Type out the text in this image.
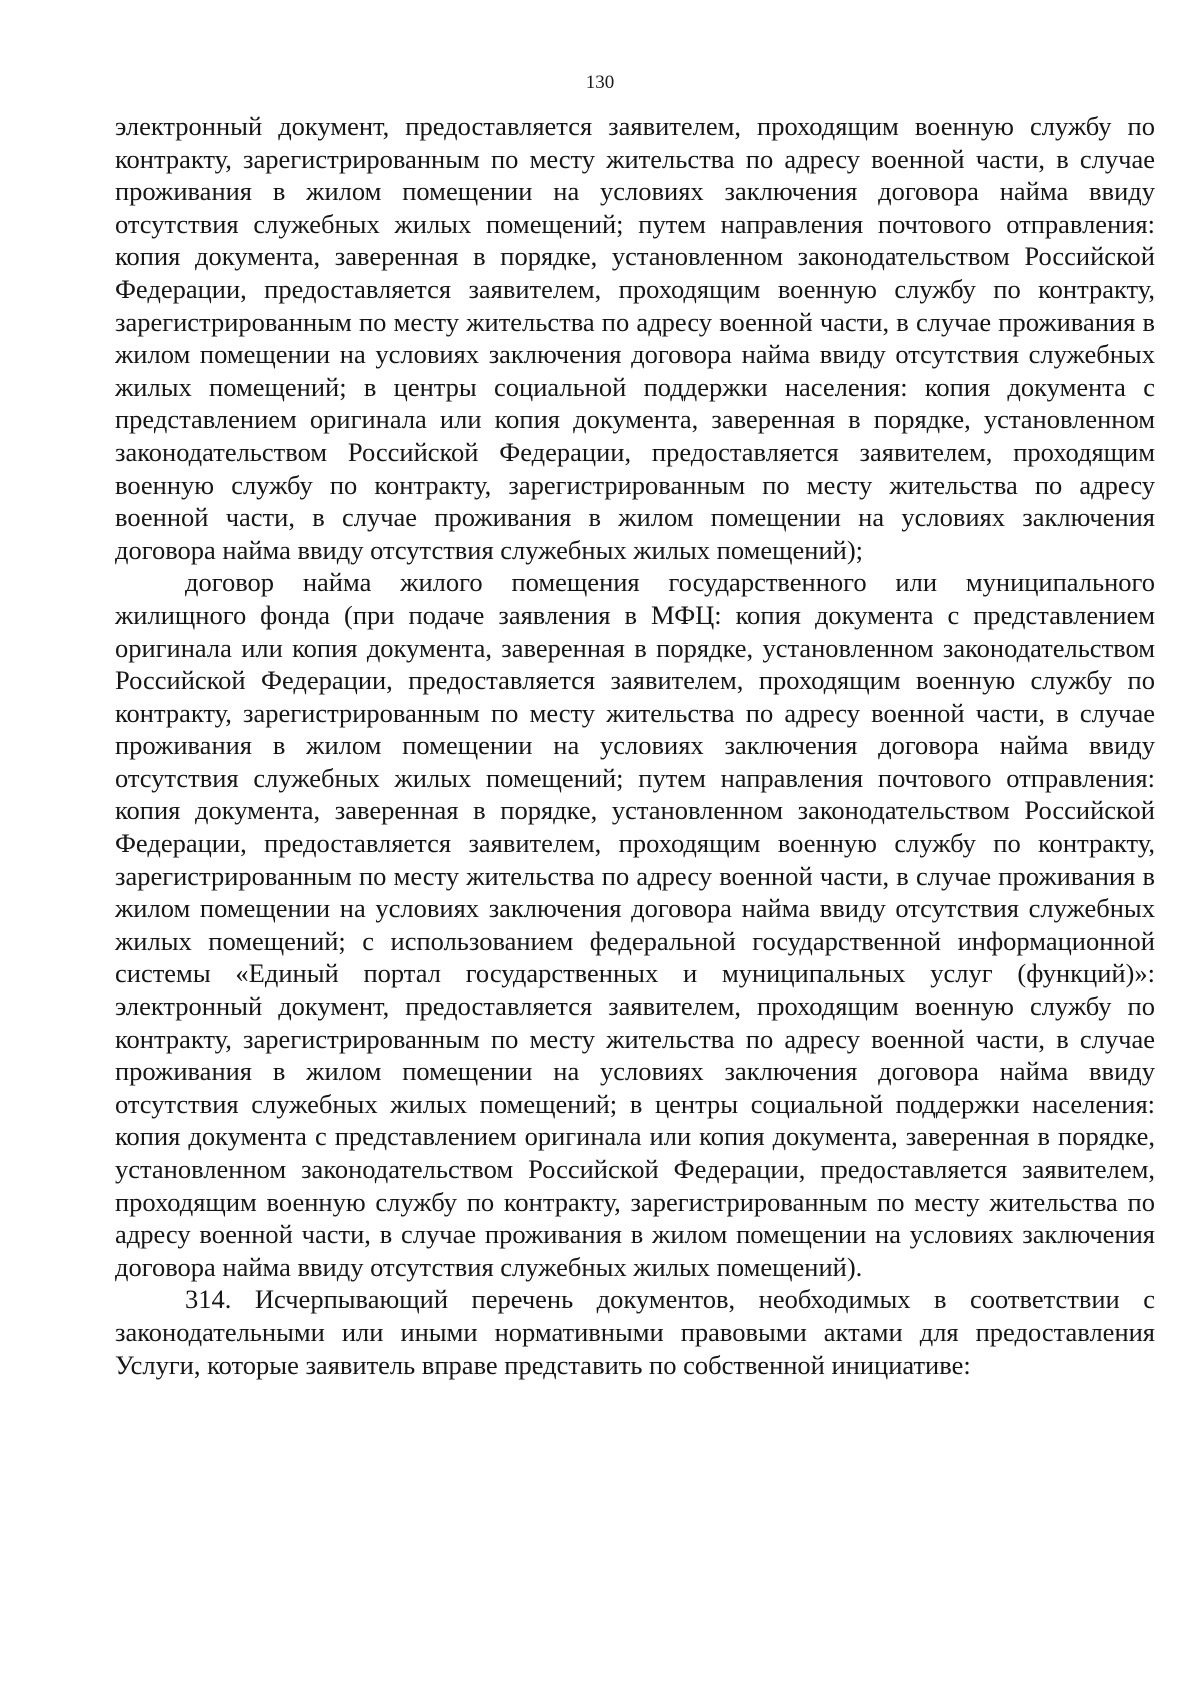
130

электронный документ, предоставляется заявителем, проходящим военную службу по контракту, зарегистрированным по месту жительства по адресу военной части, в случае проживания в жилом помещении на условиях заключения договора найма ввиду отсутствия служебных жилых помещений; путем направления почтового отправления: копия документа, заверенная в порядке, установленном законодательством Российской Федерации, предоставляется заявителем, проходящим военную службу по контракту, зарегистрированным по месту жительства по адресу военной части, в случае проживания в жилом помещении на условиях заключения договора найма ввиду отсутствия служебных жилых помещений; в центры социальной поддержки населения: копия документа с представлением оригинала или копия документа, заверенная в порядке, установленном законодательством Российской Федерации, предоставляется заявителем, проходящим военную службу по контракту, зарегистрированным по месту жительства по адресу военной части, в случае проживания в жилом помещении на условиях заключения договора найма ввиду отсутствия служебных жилых помещений);

договор найма жилого помещения государственного или муниципального жилищного фонда (при подаче заявления в МФЦ: копия документа с представлением оригинала или копия документа, заверенная в порядке, установленном законодательством Российской Федерации, предоставляется заявителем, проходящим военную службу по контракту, зарегистрированным по месту жительства по адресу военной части, в случае проживания в жилом помещении на условиях заключения договора найма ввиду отсутствия служебных жилых помещений; путем направления почтового отправления: копия документа, заверенная в порядке, установленном законодательством Российской Федерации, предоставляется заявителем, проходящим военную службу по контракту, зарегистрированным по месту жительства по адресу военной части, в случае проживания в жилом помещении на условиях заключения договора найма ввиду отсутствия служебных жилых помещений; с использованием федеральной государственной информационной системы «Единый портал государственных и муниципальных услуг (функций)»: электронный документ, предоставляется заявителем, проходящим военную службу по контракту, зарегистрированным по месту жительства по адресу военной части, в случае проживания в жилом помещении на условиях заключения договора найма ввиду отсутствия служебных жилых помещений; в центры социальной поддержки населения: копия документа с представлением оригинала или копия документа, заверенная в порядке, установленном законодательством Российской Федерации, предоставляется заявителем, проходящим военную службу по контракту, зарегистрированным по месту жительства по адресу военной части, в случае проживания в жилом помещении на условиях заключения договора найма ввиду отсутствия служебных жилых помещений).

314. Исчерпывающий перечень документов, необходимых в соответствии с законодательными или иными нормативными правовыми актами для предоставления Услуги, которые заявитель вправе представить по собственной инициативе:
